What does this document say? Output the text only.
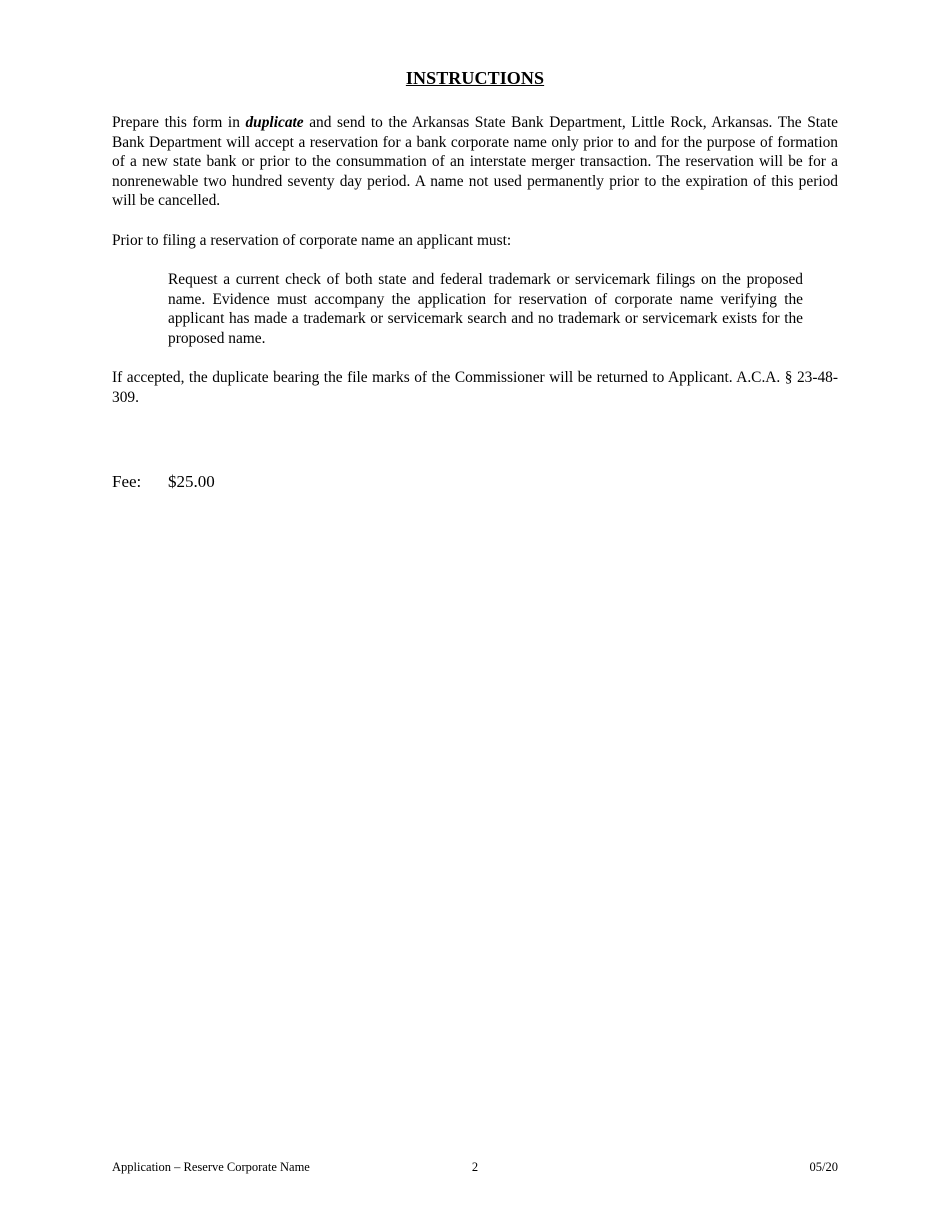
INSTRUCTIONS

Prepare this form in duplicate and send to the Arkansas State Bank Department, Little Rock, Arkansas. The State Bank Department will accept a reservation for a bank corporate name only prior to and for the purpose of formation of a new state bank or prior to the consummation of an interstate merger transaction. The reservation will be for a nonrenewable two hundred seventy day period. A name not used permanently prior to the expiration of this period will be cancelled.

Prior to filing a reservation of corporate name an applicant must:

Request a current check of both state and federal trademark or servicemark filings on the proposed name. Evidence must accompany the application for reservation of corporate name verifying the applicant has made a trademark or servicemark search and no trademark or servicemark exists for the proposed name.

If accepted, the duplicate bearing the file marks of the Commissioner will be returned to Applicant. A.C.A. § 23-48-309.

Fee: $25.00
Application – Reserve Corporate Name	2	05/20
